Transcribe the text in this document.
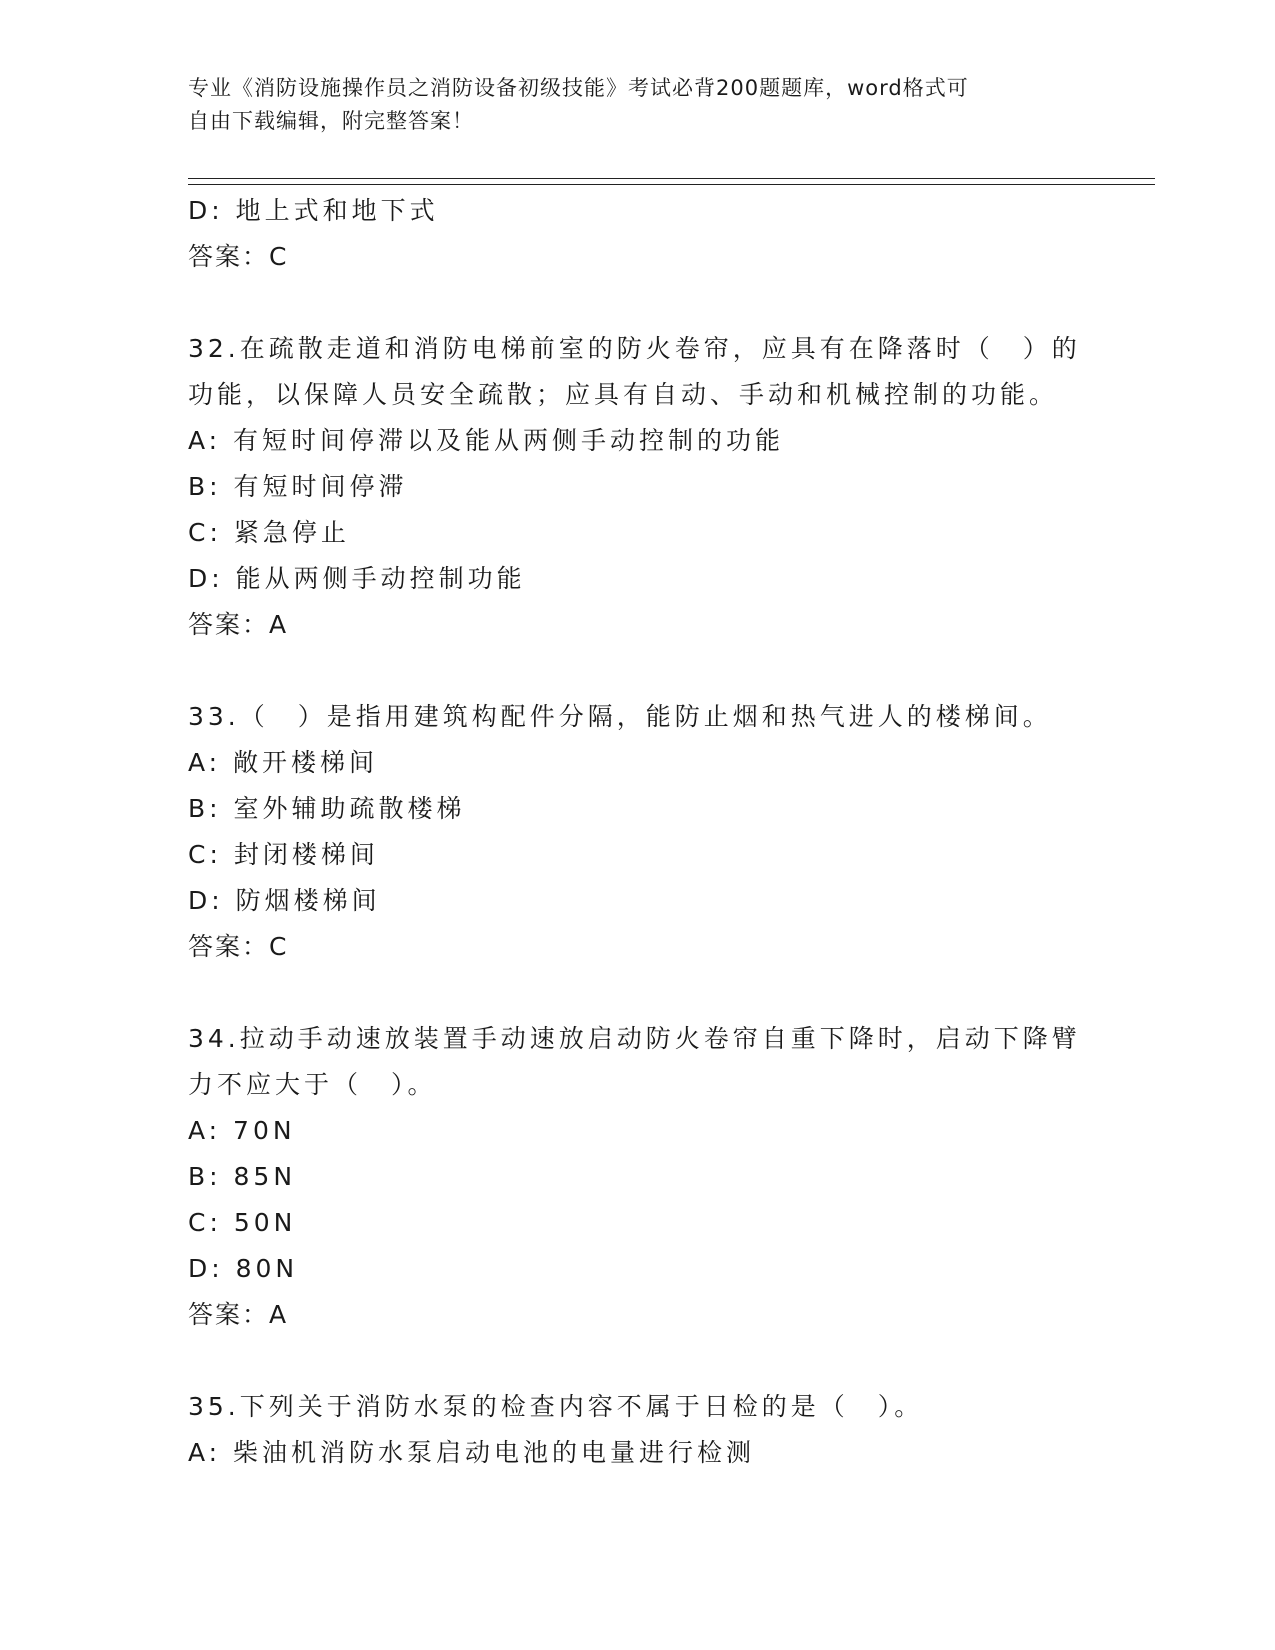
专业《消防设施操作员之消防设备初级技能》考试必背200题题库，word格式可
自由下载编辑，附完整答案！
D: 地上式和地下式
答案：C
32.在疏散走道和消防电梯前室的防火卷帘，应具有在降落时（　）的
功能，以保障人员安全疏散；应具有自动、手动和机械控制的功能。
A: 有短时间停滞以及能从两侧手动控制的功能
B: 有短时间停滞
C: 紧急停止
D: 能从两侧手动控制功能
答案：A
33.（　）是指用建筑构配件分隔，能防止烟和热气进人的楼梯间。
A: 敞开楼梯间
B: 室外辅助疏散楼梯
C: 封闭楼梯间
D: 防烟楼梯间
答案：C
34.拉动手动速放装置手动速放启动防火卷帘自重下降时，启动下降臂
力不应大于（　）。
A: 70N
B: 85N
C: 50N
D: 80N
答案：A
35.下列关于消防水泵的检查内容不属于日检的是（　）。
A: 柴油机消防水泵启动电池的电量进行检测
